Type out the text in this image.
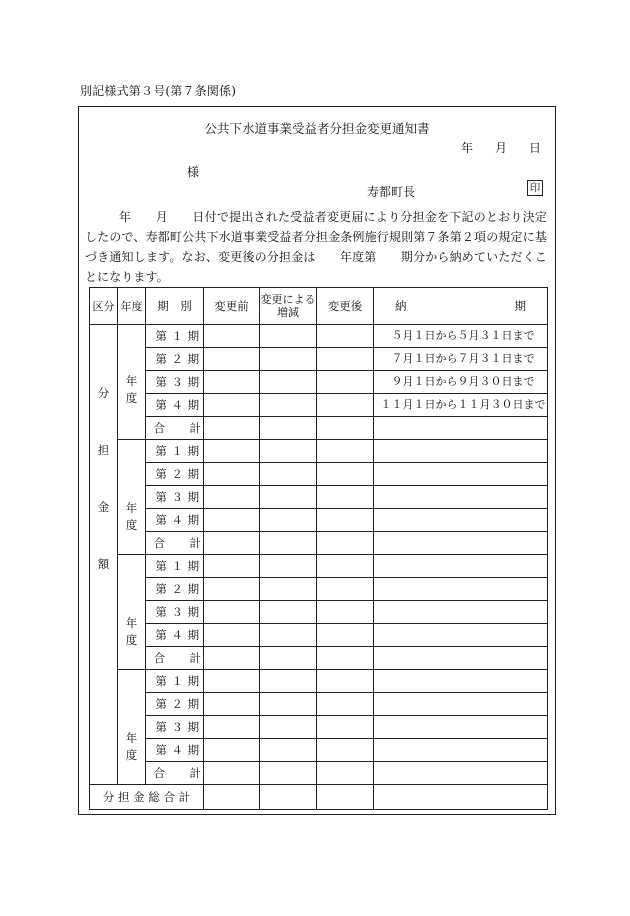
別記様式第３号(第７条関係)
公共下水道事業受益者分担金変更通知書
年 月 日
様
寿都町長	印
年　　月　　日付で提出された受益者変更届により分担金を下記のとおり決定したので、寿都町公共下水道事業受益者分担金条例施行規則第７条第２項の規定に基づき通知します。なお、変更後の分担金は　　年度第　　期分から納めていただくことになります。
区分	年度	期　別	変更前	変更による増減	変更後	納 期

分
担
金
額	年度	第 １ 期				５月１日から５月３１日まで
		第 ２ 期				７月１日から７月３１日まで
		第 ３ 期				９月１日から９月３０日まで
		第 ４ 期				１１月１日から１１月３０日まで
		合　　計				

	年度	第 １ 期				
		第 ２ 期				
		第 ３ 期				
		第 ４ 期				
		合　　計				

	年度	第 １ 期				
		第 ２ 期				
		第 ３ 期				
		第 ４ 期				
		合　　計				

	年度	第 １ 期				
		第 ２ 期				
		第 ３ 期				
		第 ４ 期				
		合　　計				
分 担 金 総 合 計						
